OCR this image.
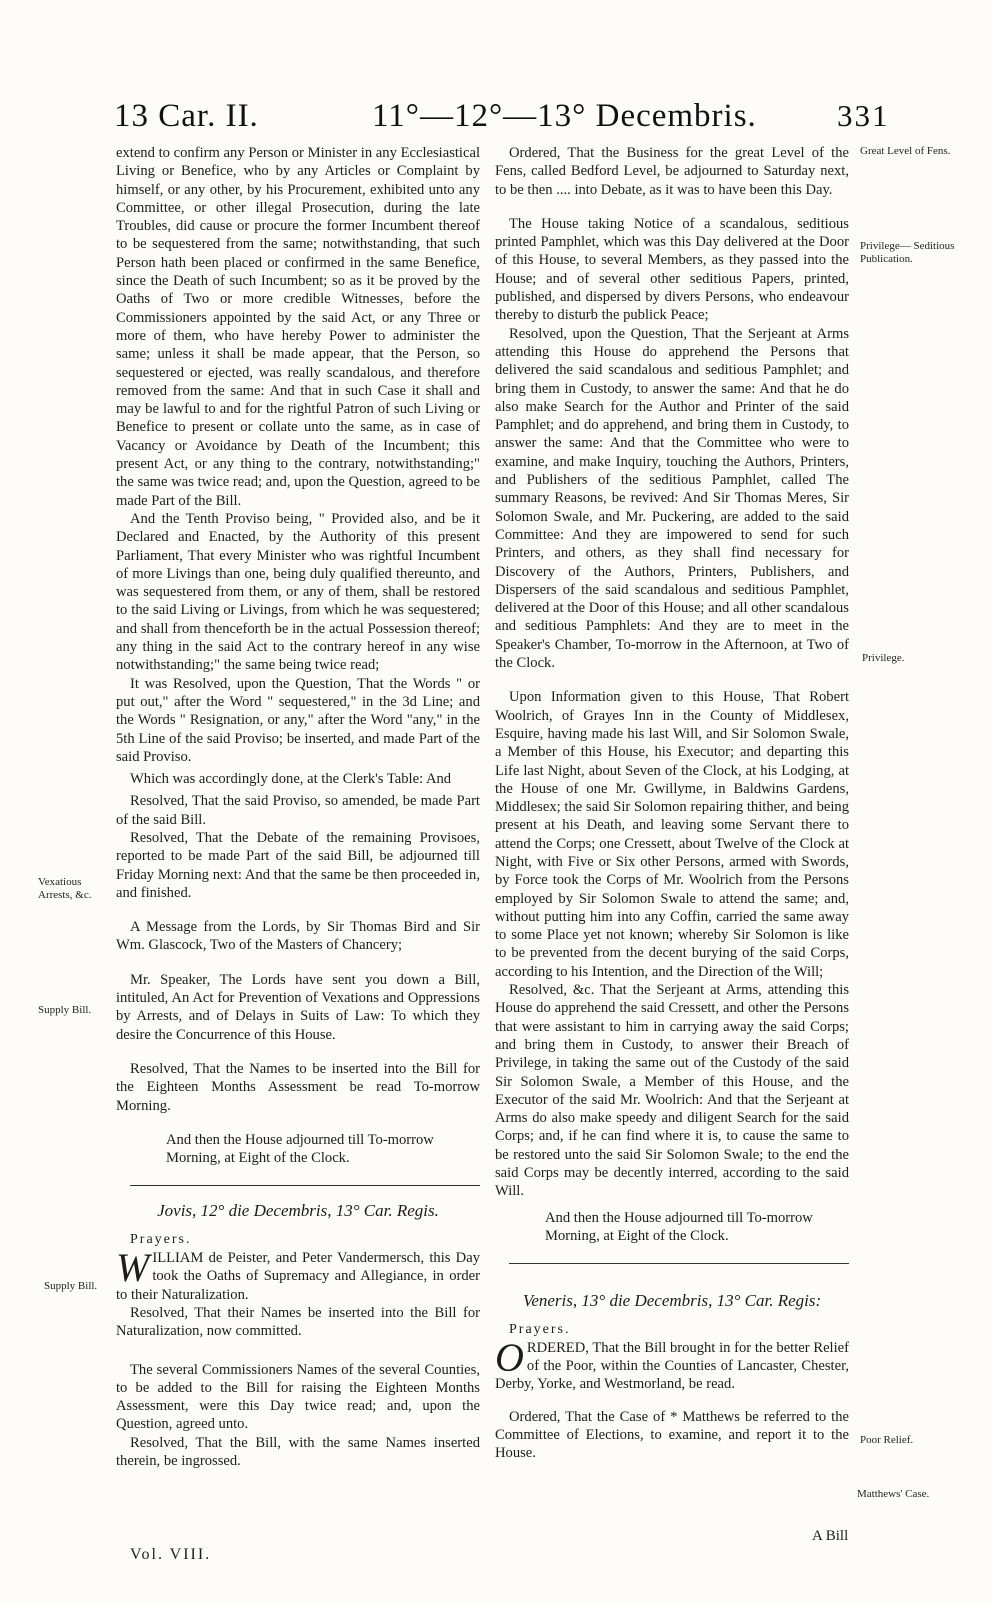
13 Car. II.	11°—12°—13° Decembris.	331

extend to confirm any Person or Minister in any Ecclesiastical Living or Benefice, who by any Articles or Complaint by himself, or any other, by his Procurement, exhibited unto any Committee, or other illegal Prosecution, during the late Troubles, did cause or procure the former Incumbent thereof to be sequestered from the same; notwithstanding, that such Person hath been placed or confirmed in the same Benefice, since the Death of such Incumbent; so as it be proved by the Oaths of Two or more credible Witnesses, before the Commissioners appointed by the said Act, or any Three or more of them, who have hereby Power to administer the same; unless it shall be made appear, that the Person, so sequestered or ejected, was really scandalous, and therefore removed from the same: And that in such Case it shall and may be lawful to and for the rightful Patron of such Living or Benefice to present or collate unto the same, as in case of Vacancy or Avoidance by Death of the Incumbent; this present Act, or any thing to the contrary, notwithstanding;" the same was twice read; and, upon the Question, agreed to be made Part of the Bill.

And the Tenth Proviso being, " Provided also, and be it Declared and Enacted, by the Authority of this present Parliament, That every Minister who was rightful Incumbent of more Livings than one, being duly qualified thereunto, and was sequestered from them, or any of them, shall be restored to the said Living or Livings, from which he was sequestered; and shall from thenceforth be in the actual Possession thereof; any thing in the said Act to the contrary hereof in any wise notwithstanding;" the same being twice read;

It was Resolved, upon the Question, That the Words " or put out," after the Word " sequestered," in the 3d Line; and the Words " Resignation, or any," after the Word "any," in the 5th Line of the said Proviso; be inserted, and made Part of the said Proviso.

Which was accordingly done, at the Clerk's Table: And

Resolved, That the said Proviso, so amended, be made Part of the said Bill.

Resolved, That the Debate of the remaining Provisoes, reported to be made Part of the said Bill, be adjourned till Friday Morning next: And that the same be then proceeded in, and finished.

A Message from the Lords, by Sir Thomas Bird and Sir Wm. Glascock, Two of the Masters of Chancery;

Mr. Speaker, The Lords have sent you down a Bill, intituled, An Act for Prevention of Vexations and Oppressions by Arrests, and of Delays in Suits of Law: To which they desire the Concurrence of this House.

Resolved, That the Names to be inserted into the Bill for the Eighteen Months Assessment be read To-morrow Morning.

And then the House adjourned till To-morrow Morning, at Eight of the Clock.

Jovis, 12° die Decembris, 13° Car. Regis.

Prayers.

WILLIAM de Peister, and Peter Vandermersch, this Day took the Oaths of Supremacy and Allegiance, in order to their Naturalization.

Resolved, That their Names be inserted into the Bill for Naturalization, now committed.

The several Commissioners Names of the several Counties, to be added to the Bill for raising the Eighteen Months Assessment, were this Day twice read; and, upon the Question, agreed unto.

Resolved, That the Bill, with the same Names inserted therein, be ingrossed.

Ordered, That the Business for the great Level of the Fens, called Bedford Level, be adjourned to Saturday next, to be then .... into Debate, as it was to have been this Day.

The House taking Notice of a scandalous, seditious printed Pamphlet, which was this Day delivered at the Door of this House, to several Members, as they passed into the House; and of several other seditious Papers, printed, published, and dispersed by divers Persons, who endeavour thereby to disturb the publick Peace;

Resolved, upon the Question, That the Serjeant at Arms attending this House do apprehend the Persons that delivered the said scandalous and seditious Pamphlet; and bring them in Custody, to answer the same: And that he do also make Search for the Author and Printer of the said Pamphlet; and do apprehend, and bring them in Custody, to answer the same: And that the Committee who were to examine, and make Inquiry, touching the Authors, Printers, and Publishers of the seditious Pamphlet, called The summary Reasons, be revived: And Sir Thomas Meres, Sir Solomon Swale, and Mr. Puckering, are added to the said Committee: And they are impowered to send for such Printers, and others, as they shall find necessary for Discovery of the Authors, Printers, Publishers, and Dispersers of the said scandalous and seditious Pamphlet, delivered at the Door of this House; and all other scandalous and seditious Pamphlets: And they are to meet in the Speaker's Chamber, To-morrow in the Afternoon, at Two of the Clock.

Upon Information given to this House, That Robert Woolrich, of Grayes Inn in the County of Middlesex, Esquire, having made his last Will, and Sir Solomon Swale, a Member of this House, his Executor; and departing this Life last Night, about Seven of the Clock, at his Lodging, at the House of one Mr. Gwillyme, in Baldwins Gardens, Middlesex; the said Sir Solomon repairing thither, and being present at his Death, and leaving some Servant there to attend the Corps; one Cressett, about Twelve of the Clock at Night, with Five or Six other Persons, armed with Swords, by Force took the Corps of Mr. Woolrich from the Persons employed by Sir Solomon Swale to attend the same; and, without putting him into any Coffin, carried the same away to some Place yet not known; whereby Sir Solomon is like to be prevented from the decent burying of the said Corps, according to his Intention, and the Direction of the Will;

Resolved, &c. That the Serjeant at Arms, attending this House do apprehend the said Cressett, and other the Persons that were assistant to him in carrying away the said Corps; and bring them in Custody, to answer their Breach of Privilege, in taking the same out of the Custody of the said Sir Solomon Swale, a Member of this House, and the Executor of the said Mr. Woolrich: And that the Serjeant at Arms do also make speedy and diligent Search for the said Corps; and, if he can find where it is, to cause the same to be restored unto the said Sir Solomon Swale; to the end the said Corps may be decently interred, according to the said Will.

And then the House adjourned till To-morrow Morning, at Eight of the Clock.

Veneris, 13° die Decembris, 13° Car. Regis:

Prayers.

ORDERED, That the Bill brought in for the better Relief of the Poor, within the Counties of Lancaster, Chester, Derby, Yorke, and Westmorland, be read.

Ordered, That the Case of * Matthews be referred to the Committee of Elections, to examine, and report it to the House.

Vol. VIII.
A Bill
Great Level of Fens.
Privilege— Seditious Publication.
Privilege.
Vexatious Arrests, &c.
Supply Bill.
Supply Bill.
Poor Relief.
Matthews' Case.
